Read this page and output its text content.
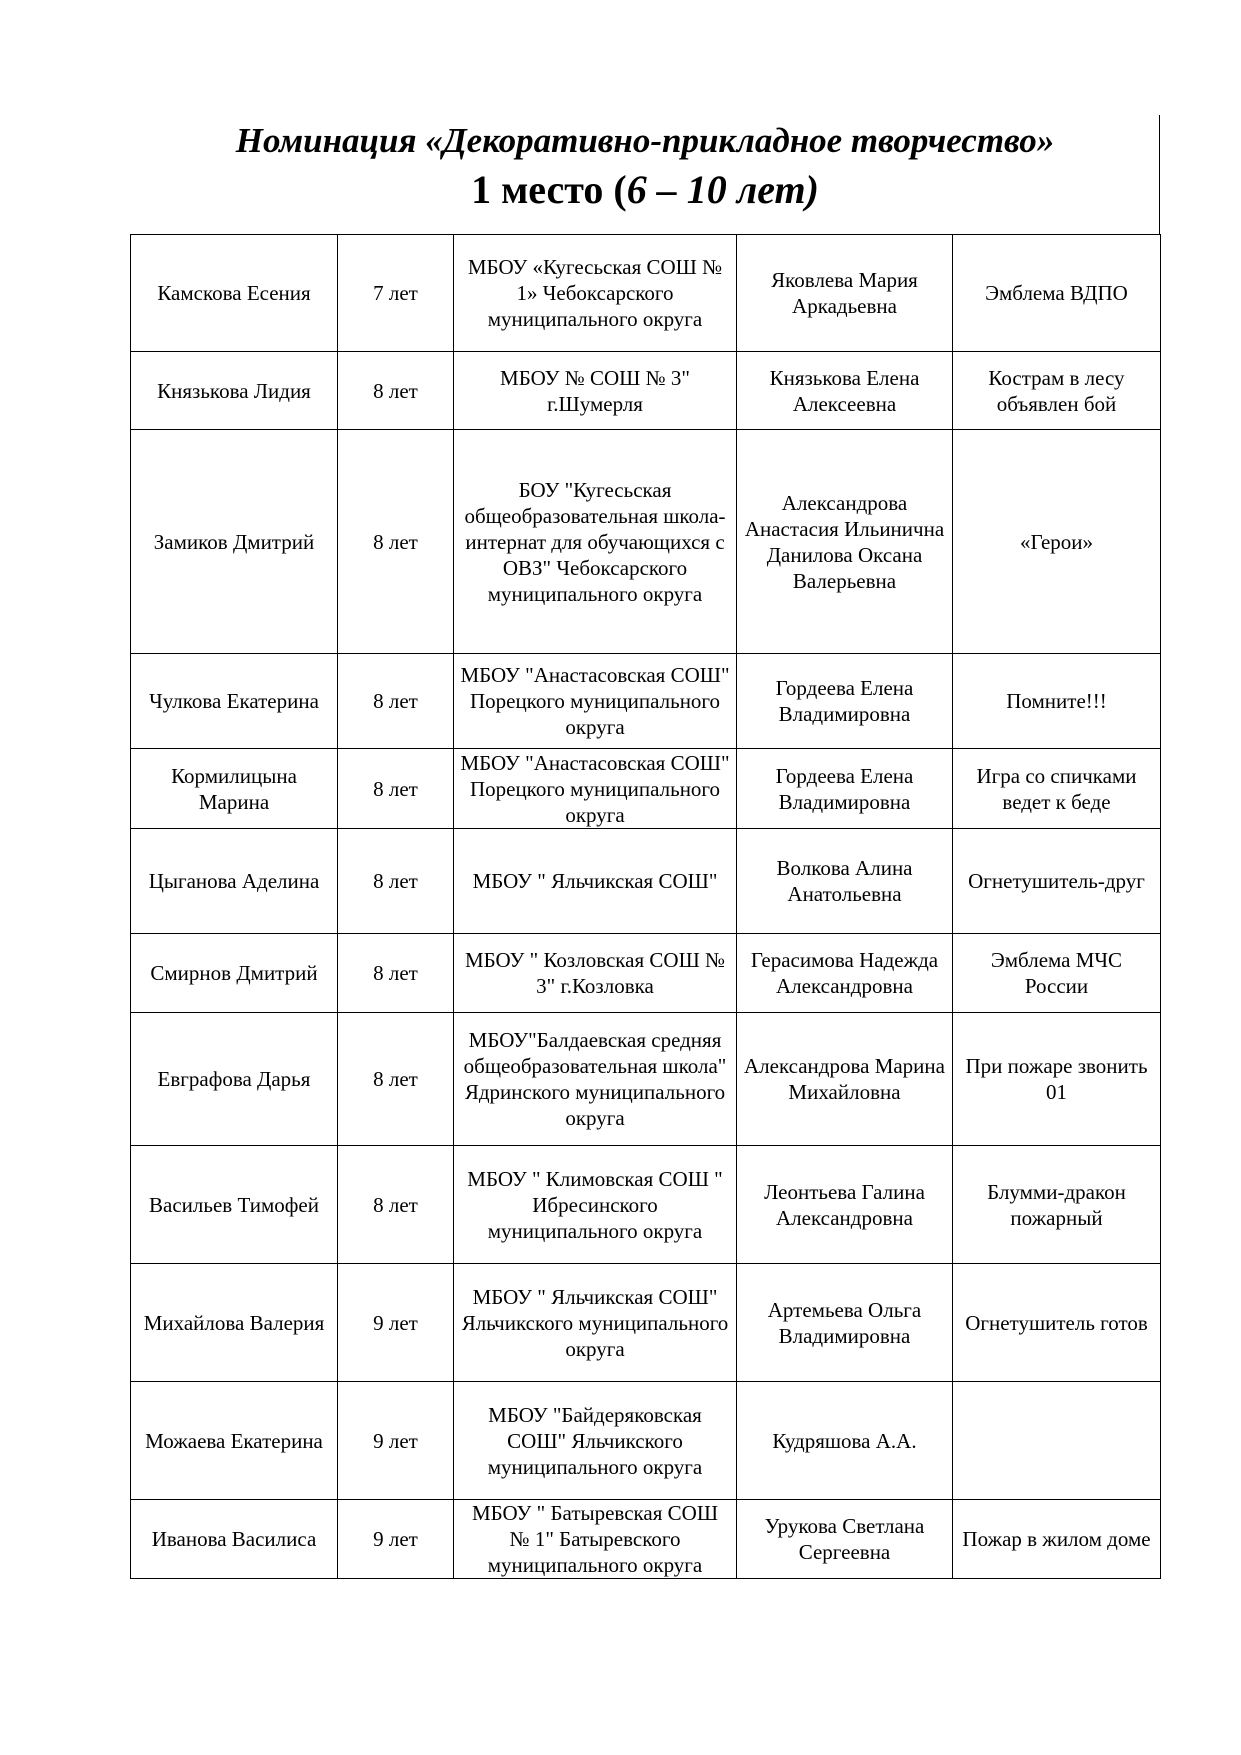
Номинация «Декоративно-прикладное творчество»
1 место (6 – 10 лет)
Камскова Есения	7 лет	МБОУ «Кугесьская СОШ № 1» Чебоксарского муниципального округа	Яковлева Мария Аркадьевна	Эмблема ВДПО
Князькова Лидия	8 лет	МБОУ № СОШ № 3" г.Шумерля	Князькова Елена Алексеевна	Кострам в лесу объявлен бой
Замиков Дмитрий	8 лет	БОУ "Кугесьская общеобразовательная школа-интернат для обучающихся с ОВЗ" Чебоксарского муниципального округа	Александрова Анастасия Ильинична Данилова Оксана Валерьевна	«Герои»
Чулкова Екатерина	8 лет	МБОУ "Анастасовская СОШ" Порецкого муниципального округа	Гордеева Елена Владимировна	Помните!!!
Кормилицына Марина	8 лет	МБОУ "Анастасовская СОШ" Порецкого муниципального округа	Гордеева Елена Владимировна	Игра со спичками ведет к беде
Цыганова Аделина	8 лет	МБОУ " Яльчикская СОШ"	Волкова Алина Анатольевна	Огнетушитель-друг
Смирнов Дмитрий	8 лет	МБОУ " Козловская СОШ № 3" г.Козловка	Герасимова Надежда Александровна	Эмблема МЧС России
Евграфова Дарья	8 лет	МБОУ"Балдаевская средняя общеобразовательная школа" Ядринского муниципального округа	Александрова Марина Михайловна	При пожаре звонить 01
Васильев Тимофей	8 лет	МБОУ " Климовская СОШ " Ибресинского муниципального округа	Леонтьева Галина Александровна	Блумми-дракон пожарный
Михайлова Валерия	9 лет	МБОУ " Яльчикская СОШ" Яльчикского муниципального округа	Артемьева Ольга Владимировна	Огнетушитель готов
Можаева Екатерина	9 лет	МБОУ "Байдеряковская СОШ" Яльчикского муниципального округа	Кудряшова А.А.	
Иванова Василиса	9 лет	МБОУ " Батыревская СОШ № 1" Батыревского муниципального округа	Урукова Светлана Сергеевна	Пожар в жилом доме
